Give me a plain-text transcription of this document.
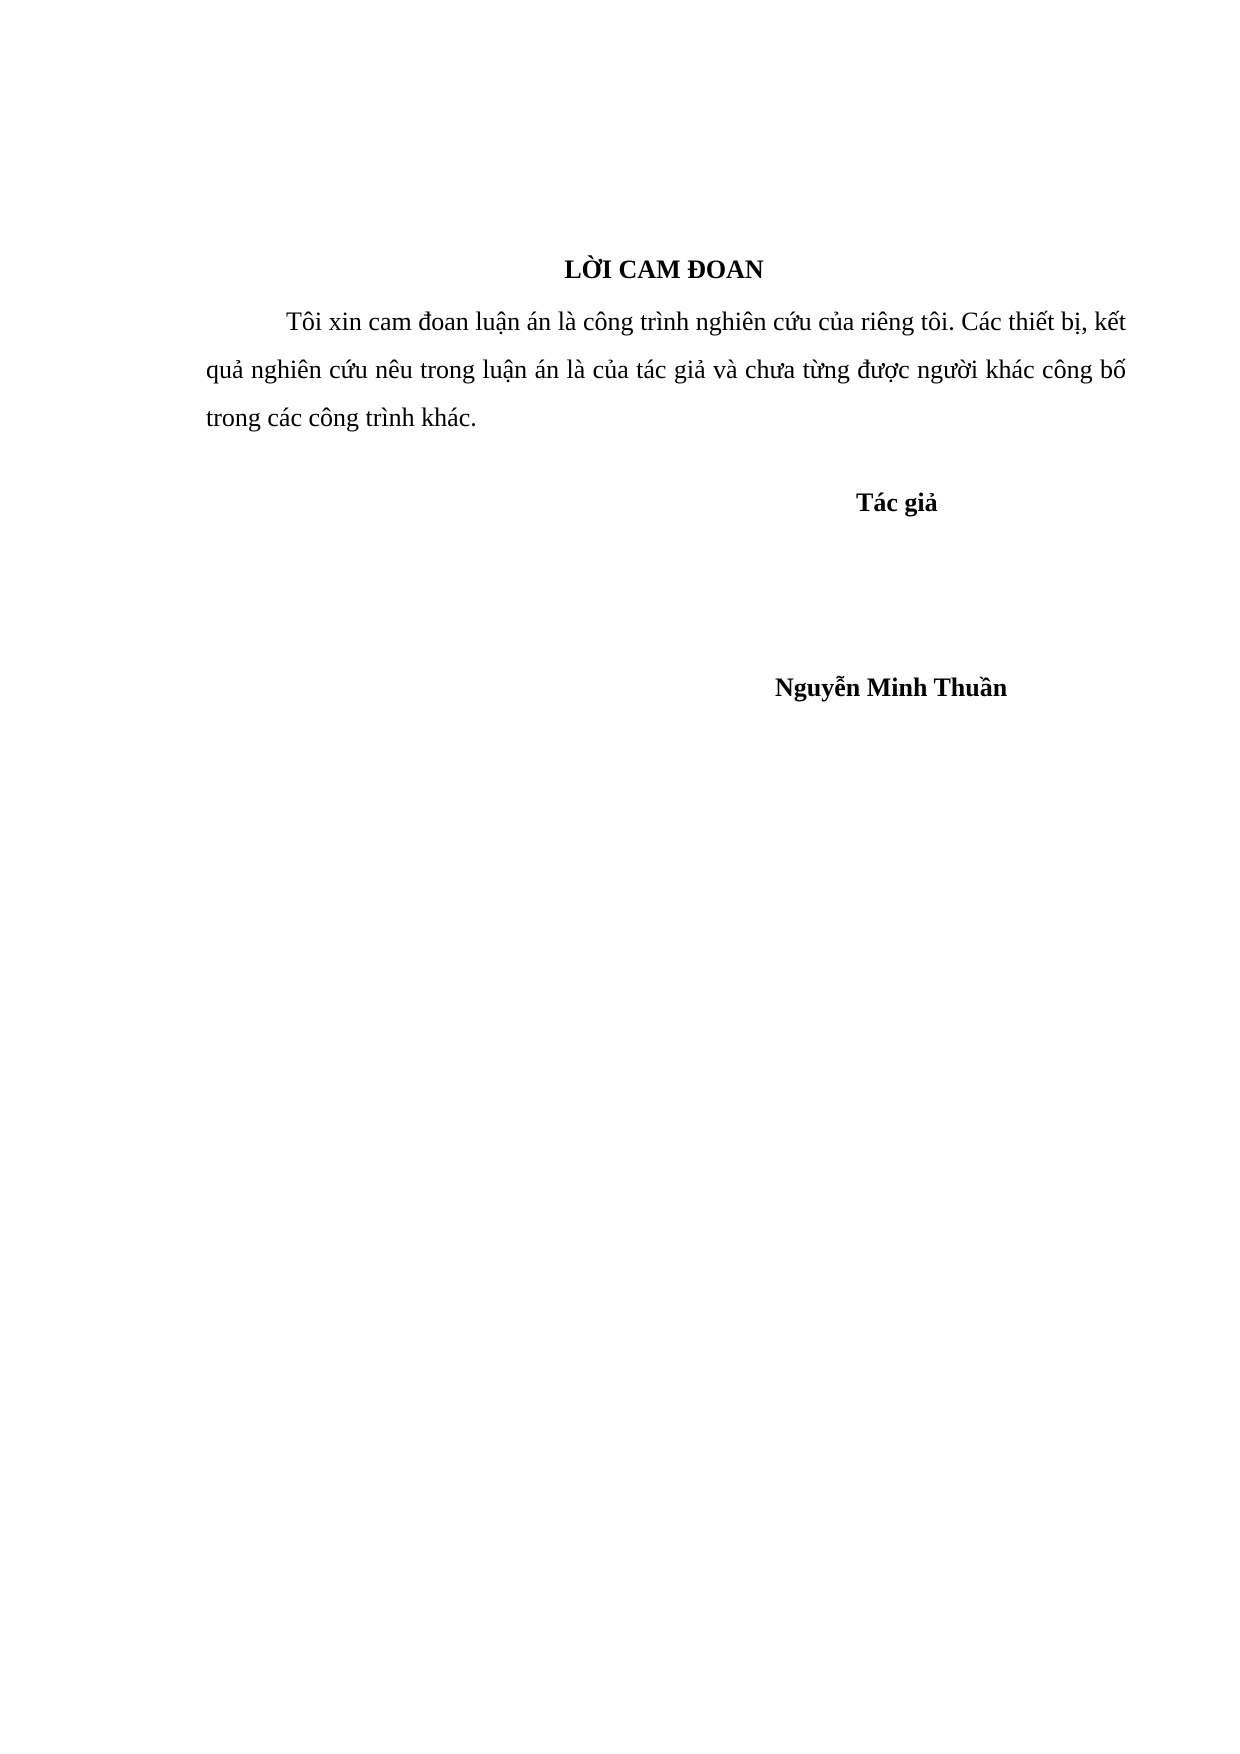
LỜI CAM ĐOAN

Tôi xin cam đoan luận án là công trình nghiên cứu của riêng tôi. Các thiết bị, kết quả nghiên cứu nêu trong luận án là của tác giả và chưa từng được người khác công bố trong các công trình khác.

Tác giả
Nguyễn Minh Thuần
